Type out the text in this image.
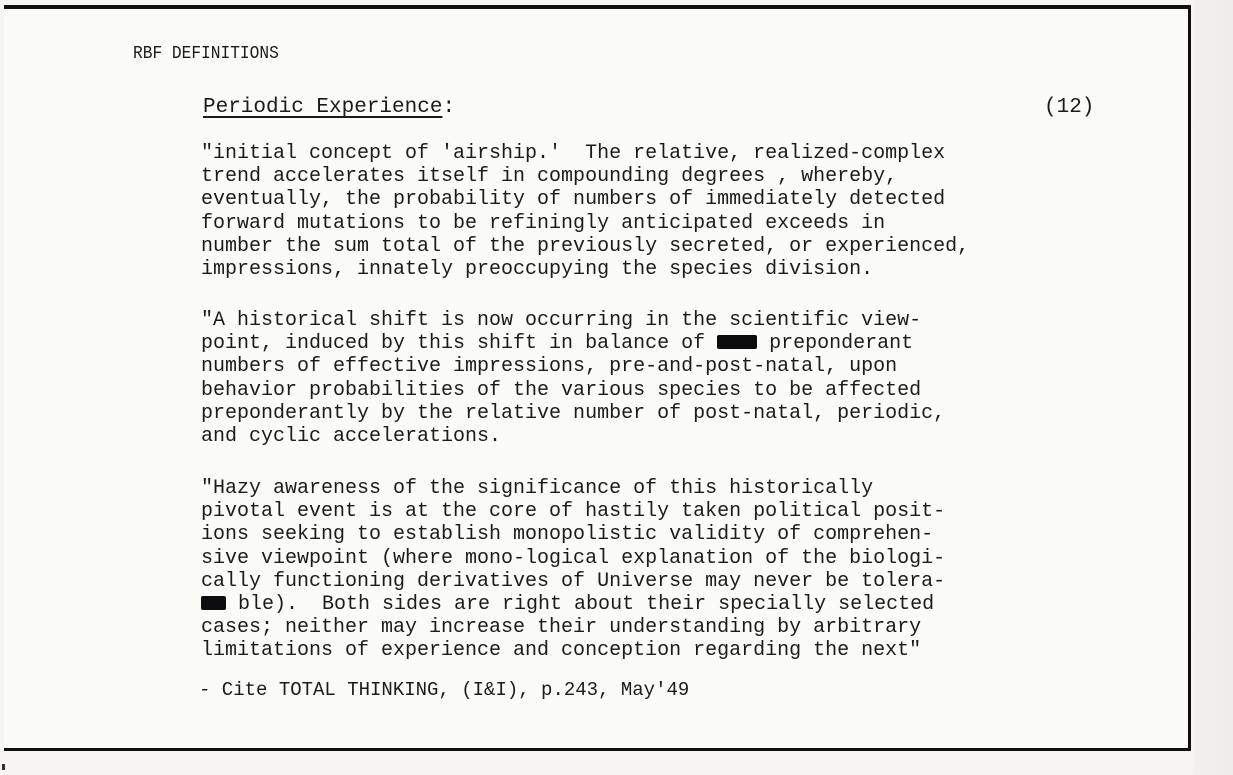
RBF DEFINITIONS
Periodic Experience:	(12)
"initial concept of 'airship.'  The relative, realized-complex
trend accelerates itself in compounding degrees , whereby,
eventually, the probability of numbers of immediately detected
forward mutations to be refiningly anticipated exceeds in
number the sum total of the previously secreted, or experienced,
impressions, innately preoccupying the species division.
"A historical shift is now occurring in the scientific view-
point, induced by this shift in balance of  preponderant
numbers of effective impressions, pre-and-post-natal, upon
behavior probabilities of the various species to be affected
preponderantly by the relative number of post-natal, periodic,
and cyclic accelerations.
"Hazy awareness of the significance of this historically
pivotal event is at the core of hastily taken political posit-
ions seeking to establish monopolistic validity of comprehen-
sive viewpoint (where mono-logical explanation of the biologi-
cally functioning derivatives of Universe may never be tolera-
ble).  Both sides are right about their specially selected
cases; neither may increase their understanding by arbitrary
limitations of experience and conception regarding the next"
- Cite TOTAL THINKING, (I&I), p.243, May'49
